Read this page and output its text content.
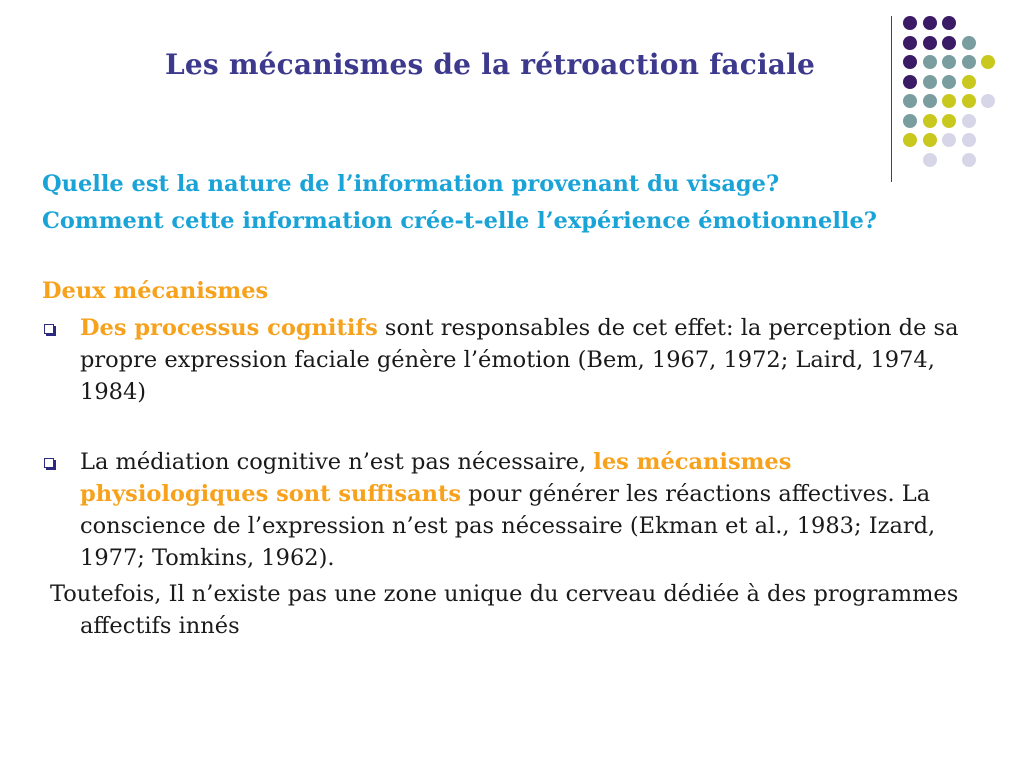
Les mécanismes de la rétroaction faciale

Quelle est la nature de l’information provenant du visage?

Comment cette information crée-t-elle l’expérience émotionnelle?

Deux mécanismes

Des processus cognitifs sont responsables de cet effet: la perception de sa propre expression faciale génère l’émotion (Bem, 1967, 1972; Laird, 1974, 1984)

La médiation cognitive n’est pas nécessaire, les mécanismes physiologiques sont suffisants pour générer les réactions affectives. La conscience de l’expression n’est pas nécessaire (Ekman et al., 1983; Izard, 1977; Tomkins, 1962).

Toutefois, Il n’existe pas une zone unique du cerveau dédiée à des programmes affectifs innés
